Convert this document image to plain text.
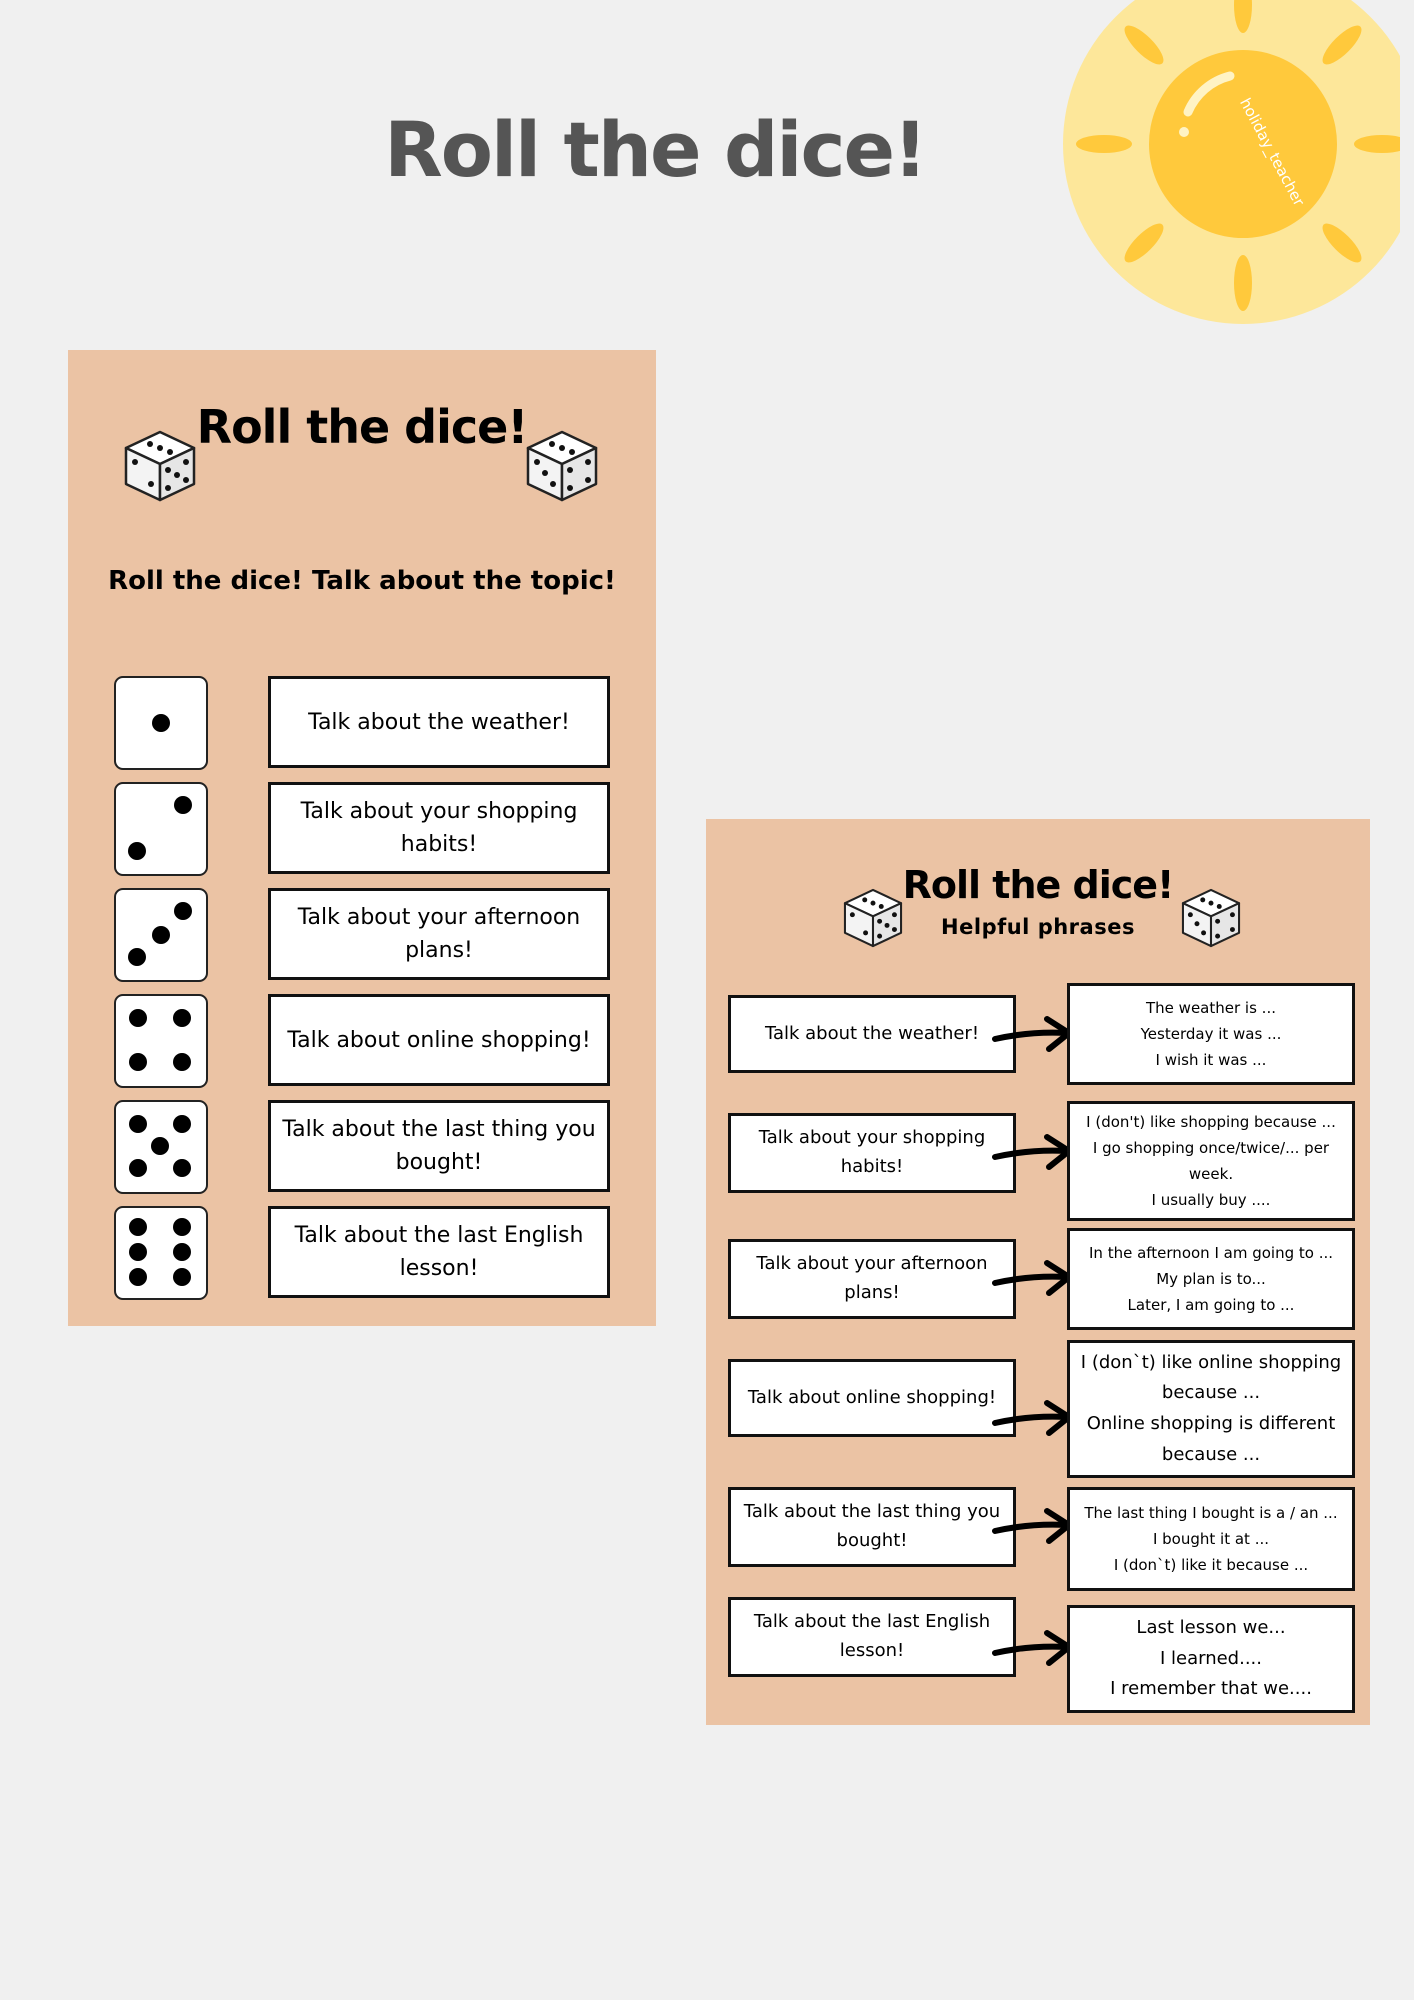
Roll the dice!	holiday_teacher
Roll the dice!
Roll the dice! Talk about the topic!
Talk about the weather!
Talk about your shopping habits!
Talk about your afternoon plans!
Talk about online shopping!
Talk about the last thing you bought!
Talk about the last English lesson!
Roll the dice!
Helpful phrases
Talk about the weather!
The weather is ...
Yesterday it was ...
I wish it was ...
Talk about your shopping habits!
I (don't) like shopping because ...
I go shopping once/twice/... per
week.
I usually buy ....
Talk about your afternoon plans!
In the afternoon I am going to ...
My plan is to...
Later, I am going to ...
Talk about online shopping!
I (don`t) like online shopping
because ...
Online shopping is different
because ...
Talk about the last thing you bought!
The last thing I bought is a / an ...
I bought it at ...
I (don`t) like it because ...
Talk about the last English lesson!
Last lesson we...
I learned....
I remember that we....
